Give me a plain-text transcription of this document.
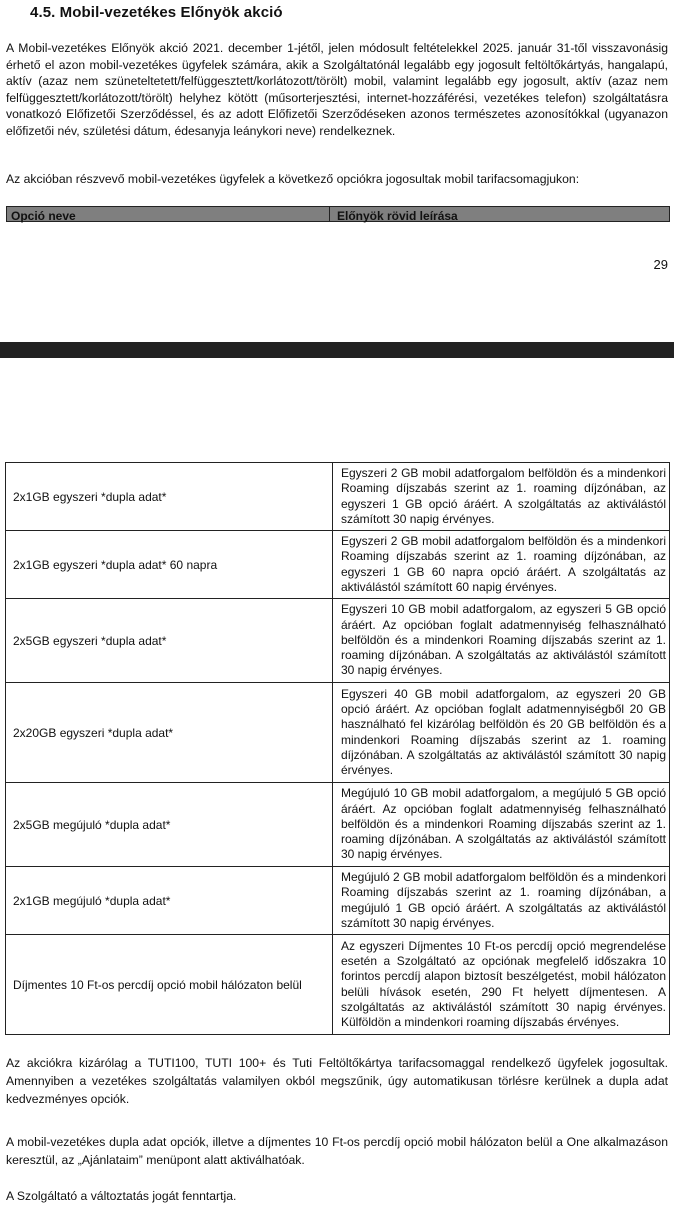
4.5. Mobil-vezetékes Előnyök akció
A Mobil-vezetékes Előnyök akció 2021. december 1-jétől, jelen módosult feltételekkel 2025. január 31-től visszavonásig érhető el azon mobil-vezetékes ügyfelek számára, akik a Szolgáltatónál legalább egy jogosult feltöltőkártyás, hangalapú, aktív (azaz nem szüneteltetett/felfüggesztett/korlátozott/törölt) mobil, valamint legalább egy jogosult, aktív (azaz nem felfüggesztett/korlátozott/törölt) helyhez kötött (műsorterjesztési, internet-hozzáférési, vezetékes telefon) szolgáltatásra vonatkozó Előfizetői Szerződéssel, és az adott Előfizetői Szerződéseken azonos természetes azonosítókkal (ugyanazon előfizetői név, születési dátum, édesanyja leánykori neve) rendelkeznek.
Az akcióban részvevő mobil-vezetékes ügyfelek a következő opciókra jogosultak mobil tarifacsomagjukon:
Opció neve	Előnyök rövid leírása
29
2x1GB egyszeri *dupla adat*	Egyszeri 2 GB mobil adatforgalom belföldön és a mindenkori Roaming díjszabás szerint az 1. roaming díjzónában, az egyszeri 1 GB opció áráért. A szolgáltatás az aktiválástól számított 30 napig érvényes.
2x1GB egyszeri *dupla adat* 60 napra	Egyszeri 2 GB mobil adatforgalom belföldön és a mindenkori Roaming díjszabás szerint az 1. roaming díjzónában, az egyszeri 1 GB 60 napra opció áráért. A szolgáltatás az aktiválástól számított 60 napig érvényes.
2x5GB egyszeri *dupla adat*	Egyszeri 10 GB mobil adatforgalom, az egyszeri 5 GB opció áráért. Az opcióban foglalt adatmennyiség felhasználható belföldön és a mindenkori Roaming díjszabás szerint az 1. roaming díjzónában. A szolgáltatás az aktiválástól számított 30 napig érvényes.
2x20GB egyszeri *dupla adat*	Egyszeri 40 GB mobil adatforgalom, az egyszeri 20 GB opció áráért. Az opcióban foglalt adatmennyiségből 20 GB használható fel kizárólag belföldön és 20 GB belföldön és a mindenkori Roaming díjszabás szerint az 1. roaming díjzónában. A szolgáltatás az aktiválástól számított 30 napig érvényes.
2x5GB megújuló *dupla adat*	Megújuló 10 GB mobil adatforgalom, a megújuló 5 GB opció áráért. Az opcióban foglalt adatmennyiség felhasználható belföldön és a mindenkori Roaming díjszabás szerint az 1. roaming díjzónában. A szolgáltatás az aktiválástól számított 30 napig érvényes.
2x1GB megújuló *dupla adat*	Megújuló 2 GB mobil adatforgalom belföldön és a mindenkori Roaming díjszabás szerint az 1. roaming díjzónában, a megújuló 1 GB opció áráért. A szolgáltatás az aktiválástól számított 30 napig érvényes.
Díjmentes 10 Ft-os percdíj opció mobil hálózaton belül	Az egyszeri Díjmentes 10 Ft-os percdíj opció megrendelése esetén a Szolgáltató az opciónak megfelelő időszakra 10 forintos percdíj alapon biztosít beszélgetést, mobil hálózaton belüli hívások esetén, 290 Ft helyett díjmentesen. A szolgáltatás az aktiválástól számított 30 napig érvényes. Külföldön a mindenkori roaming díjszabás érvényes.
Az akciókra kizárólag a TUTI100, TUTI 100+ és Tuti Feltöltőkártya tarifacsomaggal rendelkező ügyfelek jogosultak. Amennyiben a vezetékes szolgáltatás valamilyen okból megszűnik, úgy automatikusan törlésre kerülnek a dupla adat kedvezményes opciók.
A mobil-vezetékes dupla adat opciók, illetve a díjmentes 10 Ft-os percdíj opció mobil hálózaton belül a One alkalmazáson keresztül, az „Ajánlataim” menüpont alatt aktiválhatóak.
A Szolgáltató a változtatás jogát fenntartja.
